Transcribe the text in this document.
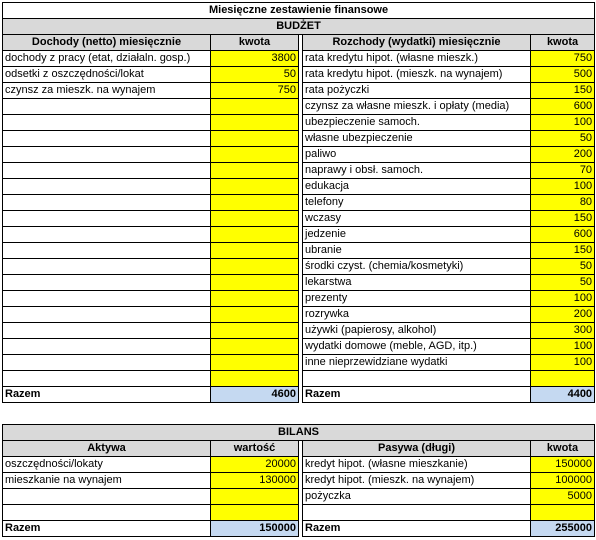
Miesięczne zestawienie finansowe				
BUDŻET				
Dochody (netto) miesięcznie	kwota		Rozchody (wydatki) miesięcznie	kwota
dochody z pracy (etat, działaln. gosp.)	3800		rata kredytu hipot. (własne mieszk.)	750
odsetki z oszczędności/lokat	50		rata kredytu hipot. (mieszk. na wynajem)	500
czynsz za mieszk. na wynajem	750		rata pożyczki	150
			czynsz za własne mieszk. i opłaty (media)	600
			ubezpieczenie samoch.	100
			własne ubezpieczenie	50
			paliwo	200
			naprawy i obsł. samoch.	70
			edukacja	100
			telefony	80
			wczasy	150
			jedzenie	600
			ubranie	150
			środki czyst. (chemia/kosmetyki)	50
			lekarstwa	50
			prezenty	100
			rozrywka	200
			używki (papierosy, alkohol)	300
			wydatki domowe (meble, AGD, itp.)	100
			inne nieprzewidziane wydatki	100

Razem	4600		Razem	4400
BILANS				
Aktywa	wartość		Pasywa (długi)	kwota
oszczędności/lokaty	20000		kredyt hipot. (własne mieszkanie)	150000
mieszkanie na wynajem	130000		kredyt hipot. (mieszk. na wynajem)	100000
			pożyczka	5000

Razem	150000		Razem	255000
